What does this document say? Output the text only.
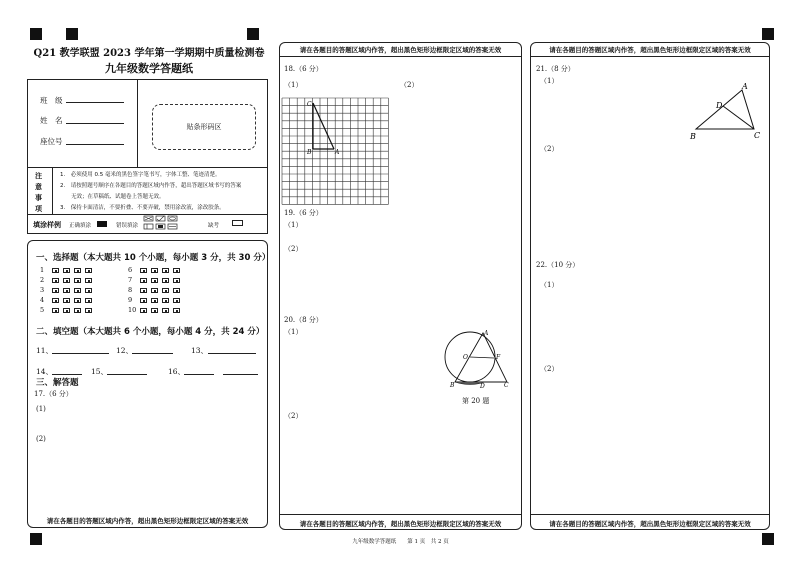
Q21 教学联盟 2023 学年第一学期期中质量检测卷
九年级数学答题纸
班　级
姓　名
座位号
贴条形码区
注意事项
1.　必须使用 0.5 毫米的黑色签字笔书写，字体工整、笔迹清楚。
2.　请按照题号顺序在各题目的答题区域内作答，超出答题区域书写的答案
　　无效；在草稿纸、试题卷上答题无效。
3.　保持卡面清洁，不要折叠、不要弄破，禁用涂改液，涂改胶条。
填涂样例 正确填涂	错误填涂	缺考
一、选择题（本大题共 10 个小题，每小题 3 分，共 30 分）
1	6
2	7
3	8
4	9
5	10
二、填空题（本大题共 6 个小题，每小题 4 分，共 24 分）
11、	12、	13、
14、	15、	16、
三、解答题
17.（6 分）
(1)
(2)
请在各题目的答题区域内作答，超出黑色矩形边框限定区域的答案无效
请在各题目的答题区域内作答，超出黑色矩形边框限定区域的答案无效
请在各题目的答题区域内作答，超出黑色矩形边框限定区域的答案无效
18.（6 分）
（1）	（2）
C
B	A
19.（6 分）
（1）
（2）
20.（8 分）
（1）
（2）
A
O	F
B	D	C
第 20 题
请在各题目的答题区域内作答，超出黑色矩形边框限定区域的答案无效
请在各题目的答题区域内作答，超出黑色矩形边框限定区域的答案无效
21.（8 分）
（1）
（2）
A
D
B	C
22.（10 分）
（1）
（2）
九年级数学答题纸　　第 1 页　共 2 页
